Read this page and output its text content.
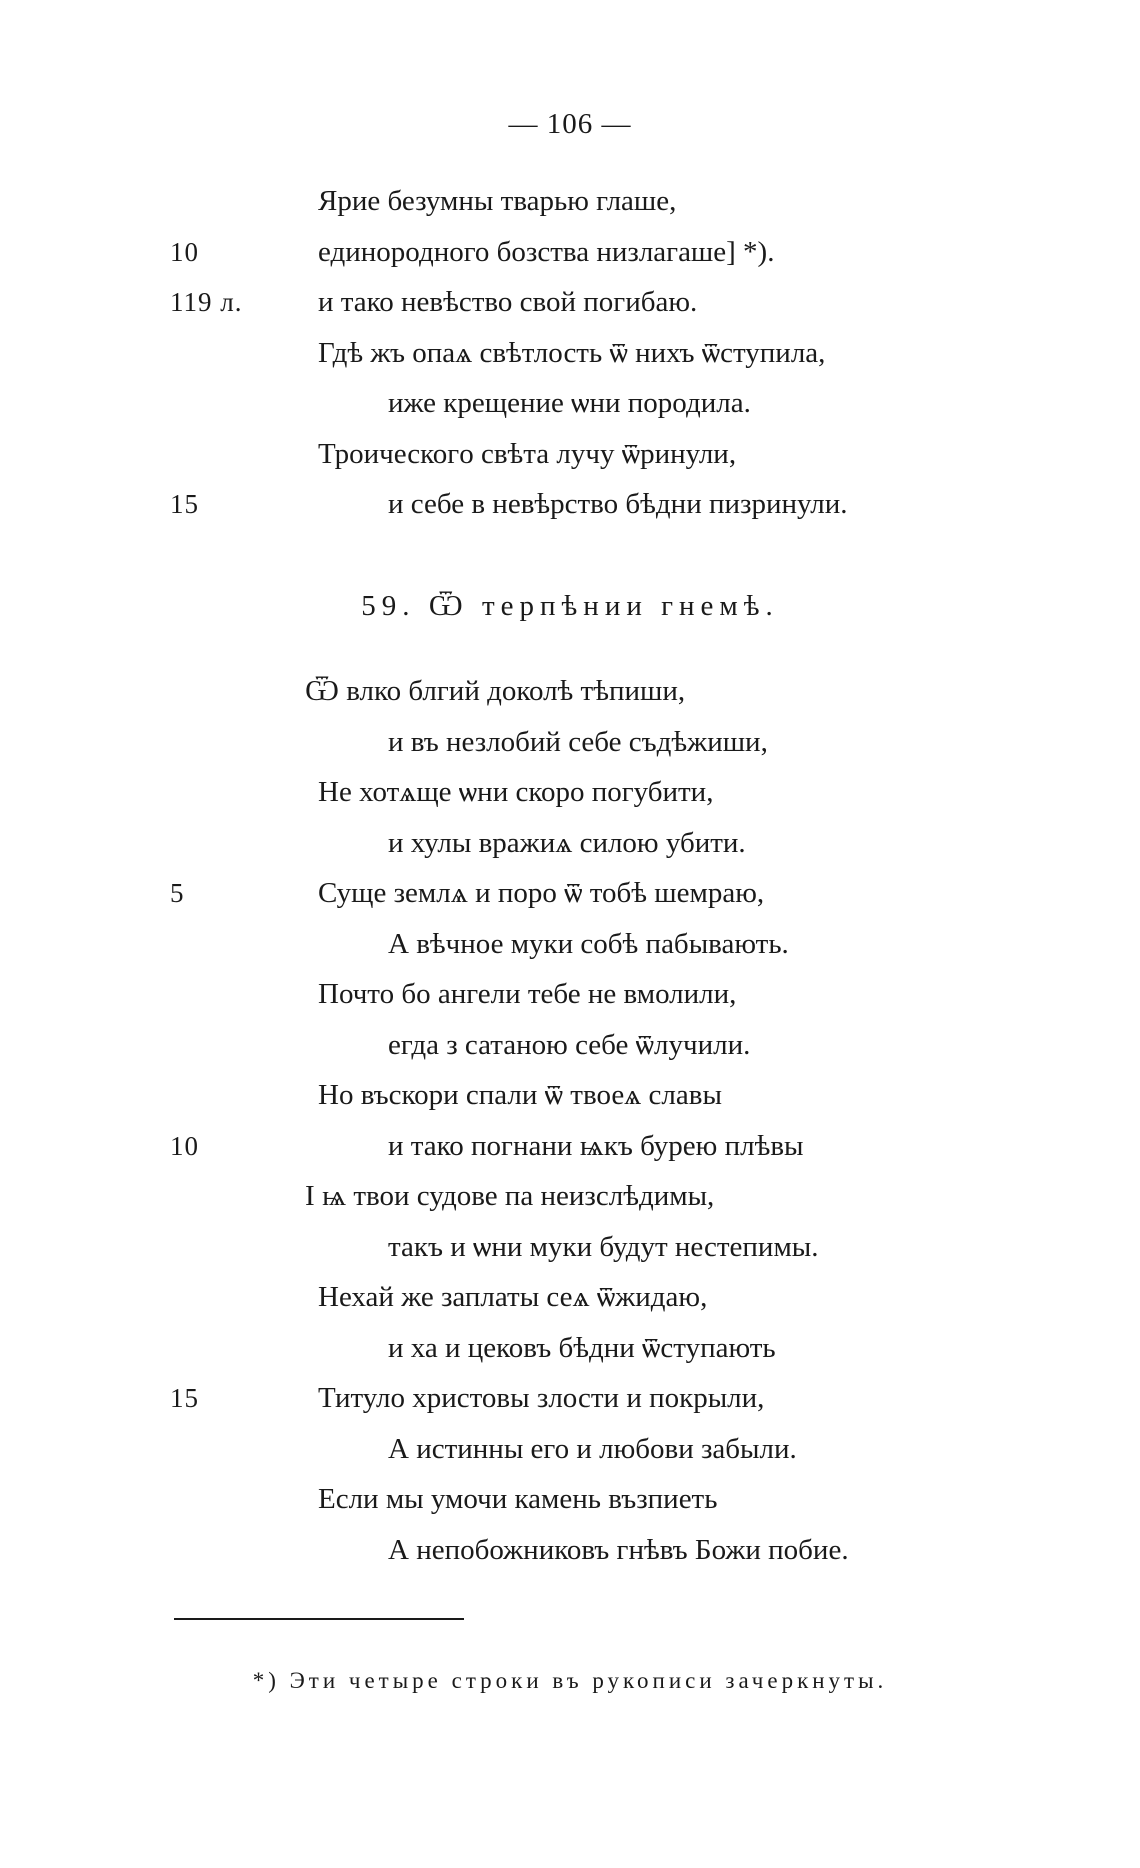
— 106 —
Ярие безумны тварью глаше,
10	единородного бозства низлагаше] *).
119 л.	и тако невѣство свой погибаю.
Гдѣ жъ опаѧ свѣтлость ѿ нихъ ѿступила,
иже крещение ѡни породила.
Троическогo свѣта лучу ѿринули,
15	и себе в невѣрство бѣдни пизринули.
59. Ѿ терпѣнии гнемѣ.
Ѿ влко блгий доколѣ тѣпиши,
и въ незлобий себе съдѣжиши,
Не хотѧще ѡни скоро погубити,
и хулы вражиѧ силою убити.
5	Суще землѧ и поро ѿ тобѣ шемраю,
А вѣчное муки собѣ пабывають.
Почто бо ангели тебе не вмолили,
егда з сатаною себе ѿлучили.
Но въскори спали ѿ твоеѧ славы
10	и тако погнани ѩкъ бурею плѣвы
І ѩ твои судове па неизслѣдимы,
такъ и ѡни муки будут нестепимы.
Нехай же заплаты сеѧ ѿжидаю,
и ха и цековъ бѣдни ѿступають
15	Титуло христовы злости и покрыли,
А истинны его и любови забыли.
Если мы умочи камень възпиеть
А непобожниковъ гнѣвъ Божи побие.
*) Эти четыре строки въ рукописи зачеркнуты.
